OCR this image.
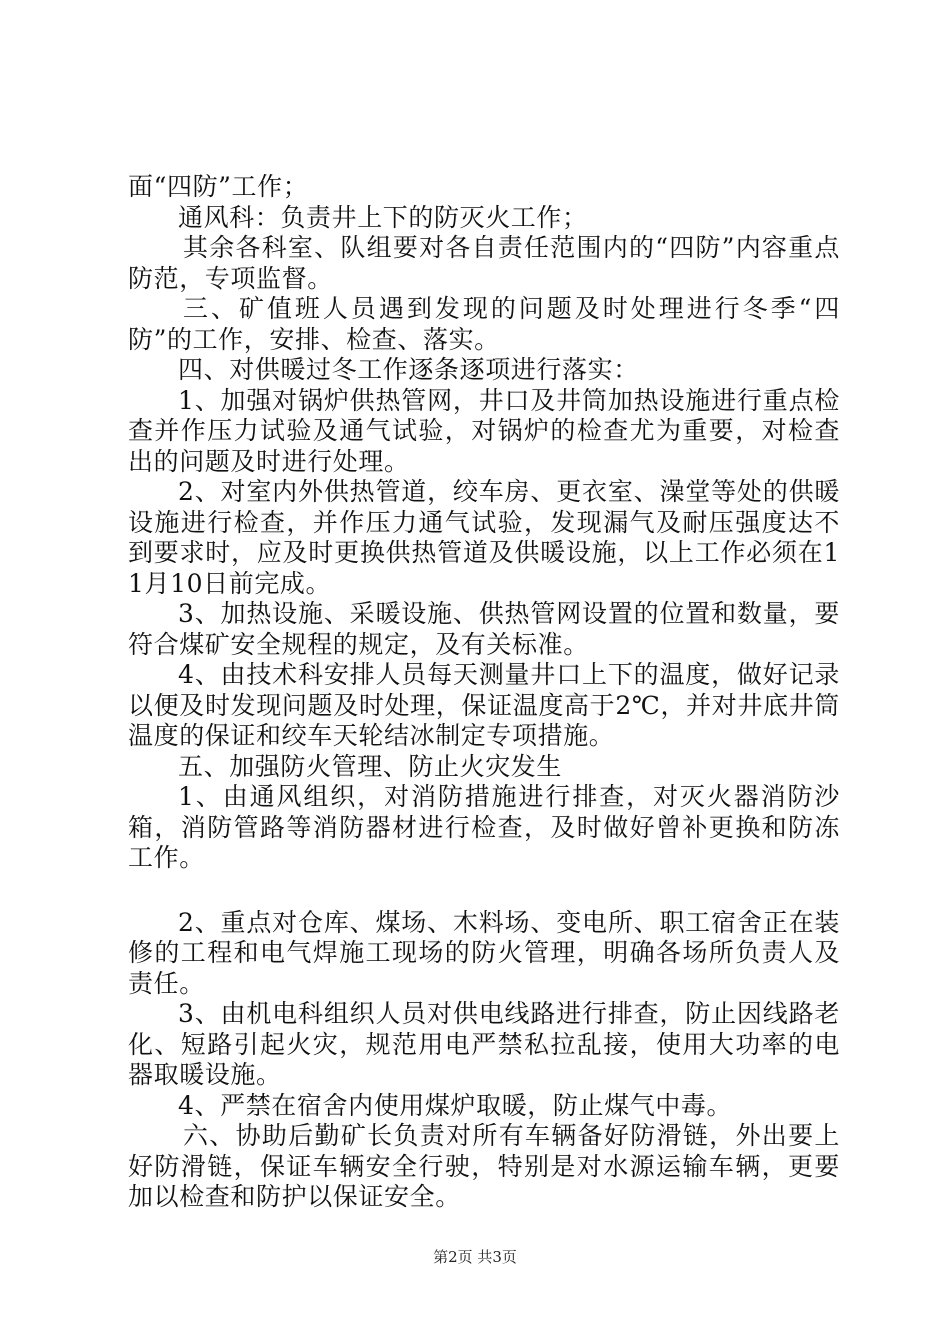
面“四防”工作；

通风科：负责井上下的防灭火工作；

其余各科室、队组要对各自责任范围内的“四防”内容重点防范，专项监督。

三、矿值班人员遇到发现的问题及时处理进行冬季“四防”的工作，安排、检查、落实。

四、对供暖过冬工作逐条逐项进行落实：

1、加强对锅炉供热管网，井口及井筒加热设施进行重点检查并作压力试验及通气试验，对锅炉的检查尤为重要，对检查出的问题及时进行处理。

2、对室内外供热管道，绞车房、更衣室、澡堂等处的供暖设施进行检查，并作压力通气试验，发现漏气及耐压强度达不到要求时，应及时更换供热管道及供暖设施，以上工作必须在11月10日前完成。

3、加热设施、采暖设施、供热管网设置的位置和数量，要符合煤矿安全规程的规定，及有关标准。

4、由技术科安排人员每天测量井口上下的温度，做好记录以便及时发现问题及时处理，保证温度高于2℃，并对井底井筒温度的保证和绞车天轮结冰制定专项措施。

五、加强防火管理、防止火灾发生

1、由通风组织，对消防措施进行排查，对灭火器消防沙箱，消防管路等消防器材进行检查，及时做好曾补更换和防冻工作。

2、重点对仓库、煤场、木料场、变电所、职工宿舍正在装修的工程和电气焊施工现场的防火管理，明确各场所负责人及责任。

3、由机电科组织人员对供电线路进行排查，防止因线路老化、短路引起火灾，规范用电严禁私拉乱接，使用大功率的电器取暖设施。

4、严禁在宿舍内使用煤炉取暖，防止煤气中毒。

六、协助后勤矿长负责对所有车辆备好防滑链，外出要上好防滑链，保证车辆安全行驶，特别是对水源运输车辆，更要加以检查和防护以保证安全。

第2页 共3页
